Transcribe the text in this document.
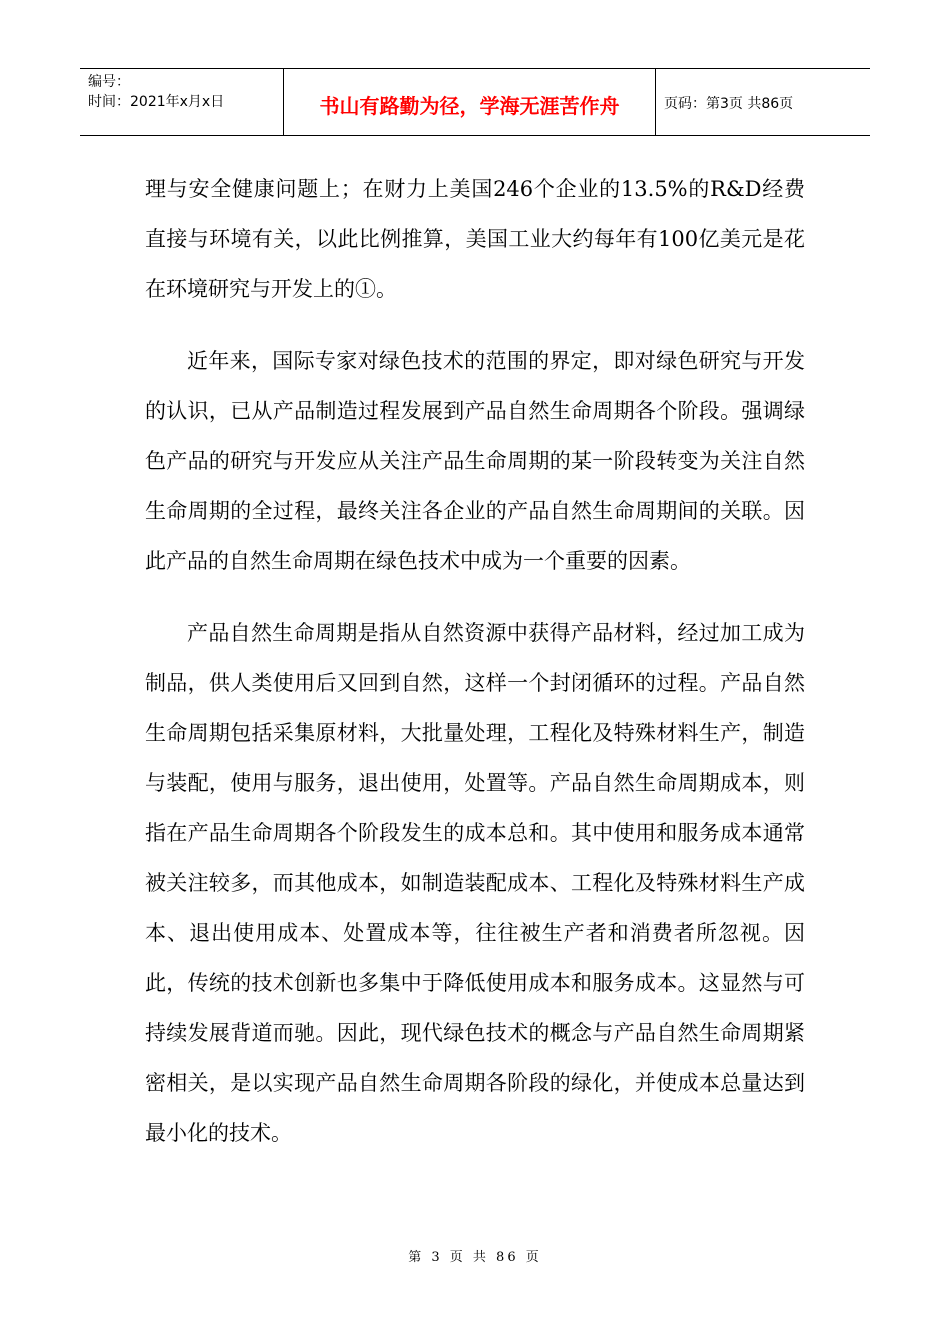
编号：
时间：2021年x月x日	书山有路勤为径，学海无涯苦作舟	页码：第3页 共86页

理与安全健康问题上；在财力上美国246个企业的13.5%的R&D经费直接与环境有关，以此比例推算，美国工业大约每年有100亿美元是花在环境研究与开发上的①。

近年来，国际专家对绿色技术的范围的界定，即对绿色研究与开发的认识，已从产品制造过程发展到产品自然生命周期各个阶段。强调绿色产品的研究与开发应从关注产品生命周期的某一阶段转变为关注自然生命周期的全过程，最终关注各企业的产品自然生命周期间的关联。因此产品的自然生命周期在绿色技术中成为一个重要的因素。

产品自然生命周期是指从自然资源中获得产品材料，经过加工成为制品，供人类使用后又回到自然，这样一个封闭循环的过程。产品自然生命周期包括采集原材料，大批量处理，工程化及特殊材料生产，制造与装配，使用与服务，退出使用，处置等。产品自然生命周期成本，则指在产品生命周期各个阶段发生的成本总和。其中使用和服务成本通常被关注较多，而其他成本，如制造装配成本、工程化及特殊材料生产成本、退出使用成本、处置成本等，往往被生产者和消费者所忽视。因此，传统的技术创新也多集中于降低使用成本和服务成本。这显然与可持续发展背道而驰。因此，现代绿色技术的概念与产品自然生命周期紧密相关，是以实现产品自然生命周期各阶段的绿化，并使成本总量达到最小化的技术。

第 3 页 共 86 页
